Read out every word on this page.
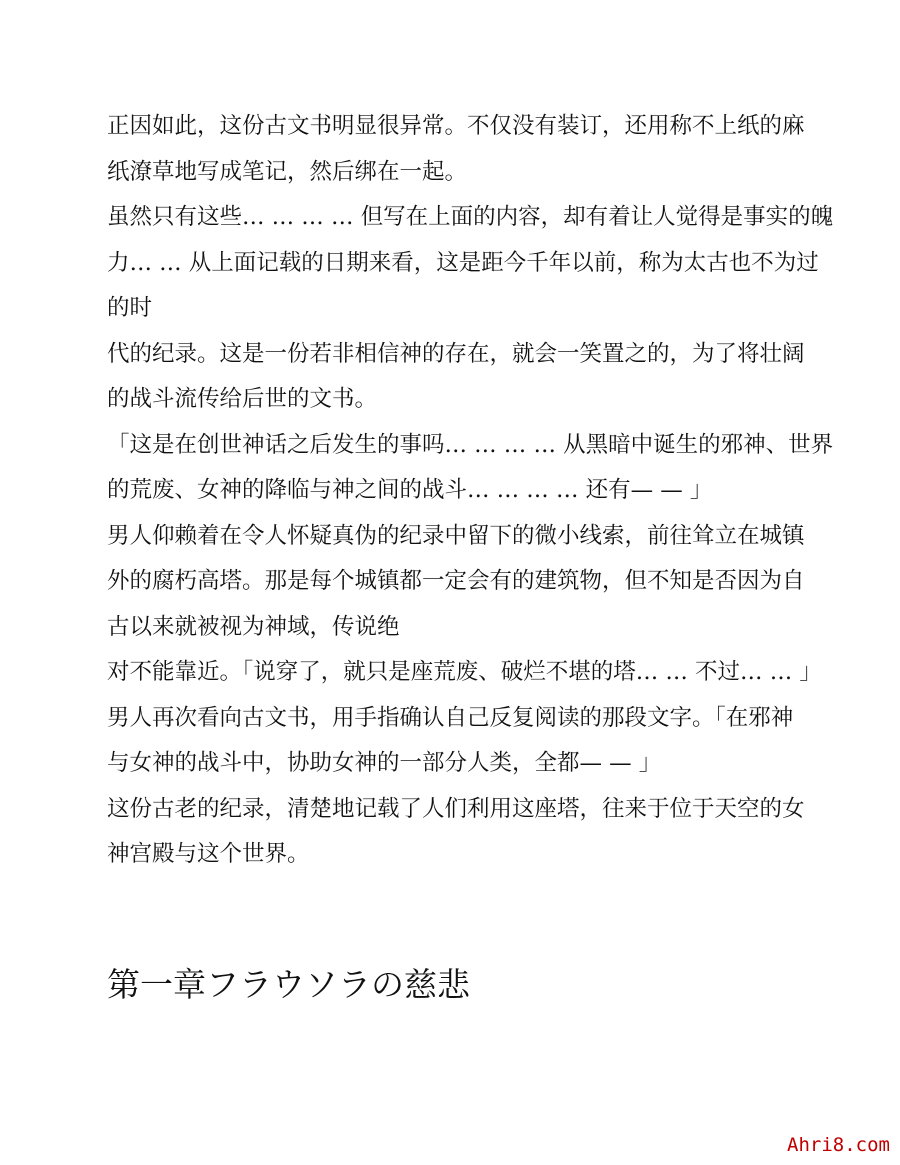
正因如此，这份古文书明显很异常。不仅没有装订，还用称不上纸的麻
纸潦草地写成笔记，然后绑在一起。
虽然只有这些… … … … 但写在上面的内容，却有着让人觉得是事实的魄
力… … 从上面记载的日期来看，这是距今千年以前，称为太古也不为过
的时
代的纪录。这是一份若非相信神的存在，就会一笑置之的，为了将壮阔
的战斗流传给后世的文书。
「这是在创世神话之后发生的事吗… … … … 从黑暗中诞生的邪神、世界
的荒废、女神的降临与神之间的战斗… … … … 还有— — 」
男人仰赖着在令人怀疑真伪的纪录中留下的微小线索，前往耸立在城镇
外的腐朽高塔。那是每个城镇都一定会有的建筑物，但不知是否因为自
古以来就被视为神域，传说绝
对不能靠近。「说穿了，就只是座荒废、破烂不堪的塔… … 不过… … 」
男人再次看向古文书，用手指确认自己反复阅读的那段文字。「在邪神
与女神的战斗中，协助女神的一部分人类，全都— — 」
这份古老的纪录，清楚地记载了人们利用这座塔，往来于位于天空的女
神宫殿与这个世界。
第一章フラウソラの慈悲
Ahri8.com
